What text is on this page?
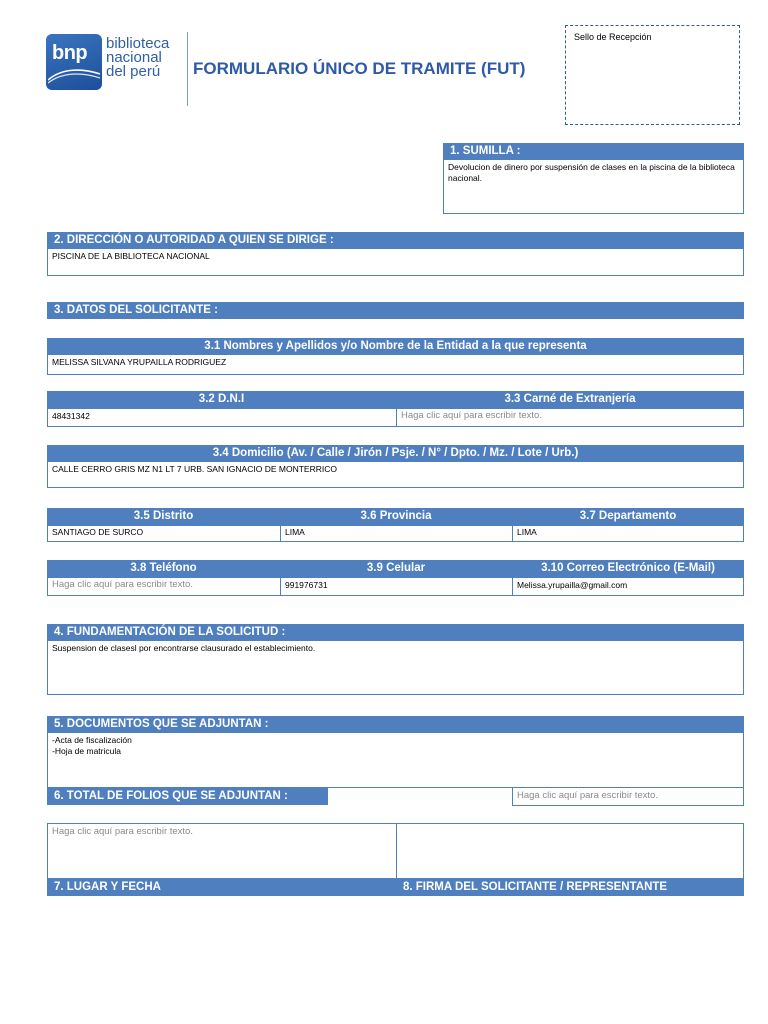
bnp biblioteca
nacional
del perú	FORMULARIO ÚNICO DE TRAMITE (FUT)
Sello de Recepción
1. SUMILLA :
Devolucion de dinero por suspensión de clases en la piscina de la biblioteca nacional.
2. DIRECCIÓN O AUTORIDAD A QUIEN SE DIRIGE :
PISCINA DE LA BIBLIOTECA NACIONAL
3. DATOS DEL SOLICITANTE :
3.1 Nombres y Apellidos y/o Nombre de la Entidad a la que representa
MELISSA SILVANA YRUPAILLA RODRIGUEZ
3.2 D.N.I	3.3 Carné de Extranjería
48431342	Haga clic aquí para escribir texto.
3.4 Domicilio (Av. / Calle / Jirón / Psje. / N° / Dpto. / Mz. / Lote / Urb.)
CALLE CERRO GRIS MZ N1 LT 7 URB. SAN IGNACIO DE MONTERRICO
3.5 Distrito	3.6 Provincia	3.7 Departamento
SANTIAGO DE SURCO	LIMA	LIMA
3.8 Teléfono	3.9 Celular	3.10 Correo Electrónico (E-Mail)
Haga clic aquí para escribir texto.	991976731	Melissa.yrupailla@gmail.com
4. FUNDAMENTACIÓN DE LA SOLICITUD :
Suspension de clasesl por encontrarse clausurado el establecimiento.
5. DOCUMENTOS QUE SE ADJUNTAN :
-Acta de fiscalización
-Hoja de matricula
6. TOTAL DE FOLIOS QUE SE ADJUNTAN :	Haga clic aquí para escribir texto.
Haga clic aquí para escribir texto.
7. LUGAR Y FECHA	8. FIRMA DEL SOLICITANTE / REPRESENTANTE
